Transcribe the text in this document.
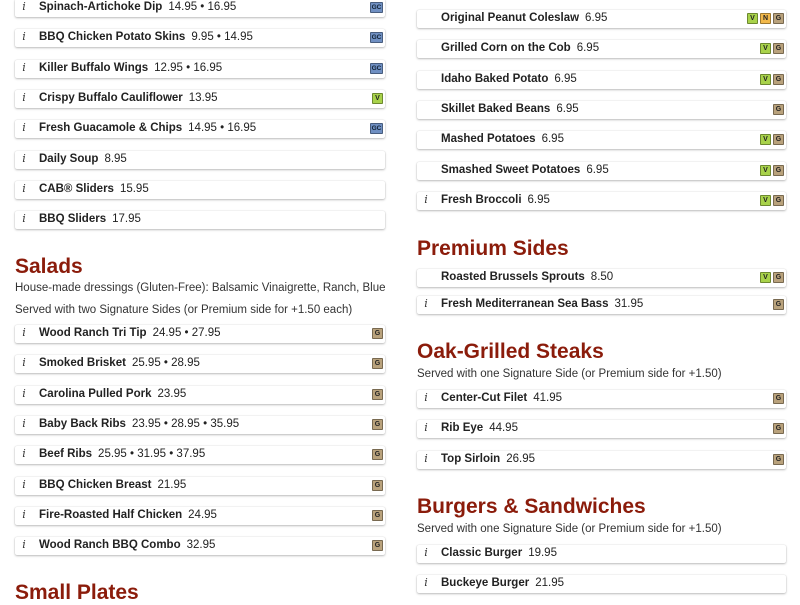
i Spinach-Artichoke Dip 14.95 • 16.95	GC
i BBQ Chicken Potato Skins 9.95 • 14.95	GC
i Killer Buffalo Wings 12.95 • 16.95	GC
i Crispy Buffalo Cauliflower 13.95	V
i Fresh Guacamole & Chips 14.95 • 16.95	GC
i Daily Soup 8.95
i CAB® Sliders 15.95
i BBQ Sliders 17.95
Salads

House-made dressings (Gluten-Free): Balsamic Vinaigrette, Ranch, Blue

Served with two Signature Sides (or Premium side for +1.50 each)

i Wood Ranch Tri Tip 24.95 • 27.95	G
i Smoked Brisket 25.95 • 28.95	G
i Carolina Pulled Pork 23.95	G
i Baby Back Ribs 23.95 • 28.95 • 35.95	G
i Beef Ribs 25.95 • 31.95 • 37.95	G
i BBQ Chicken Breast 21.95	G
i Fire-Roasted Half Chicken 24.95	G
i Wood Ranch BBQ Combo 32.95	G
Small Plates
Original Peanut Coleslaw 6.95	V	N	G
Grilled Corn on the Cob 6.95	V	G
Idaho Baked Potato 6.95	V	G
Skillet Baked Beans 6.95	G
Mashed Potatoes 6.95	V	G
Smashed Sweet Potatoes 6.95	V	G
i Fresh Broccoli 6.95	V	G
Premium Sides
Roasted Brussels Sprouts 8.50	V	G
i Fresh Mediterranean Sea Bass 31.95	G
Oak-Grilled Steaks

Served with one Signature Side (or Premium side for +1.50)

i Center-Cut Filet 41.95	G
i Rib Eye 44.95	G
i Top Sirloin 26.95	G
Burgers & Sandwiches

Served with one Signature Side (or Premium side for +1.50)

i Classic Burger 19.95
i Buckeye Burger 21.95
